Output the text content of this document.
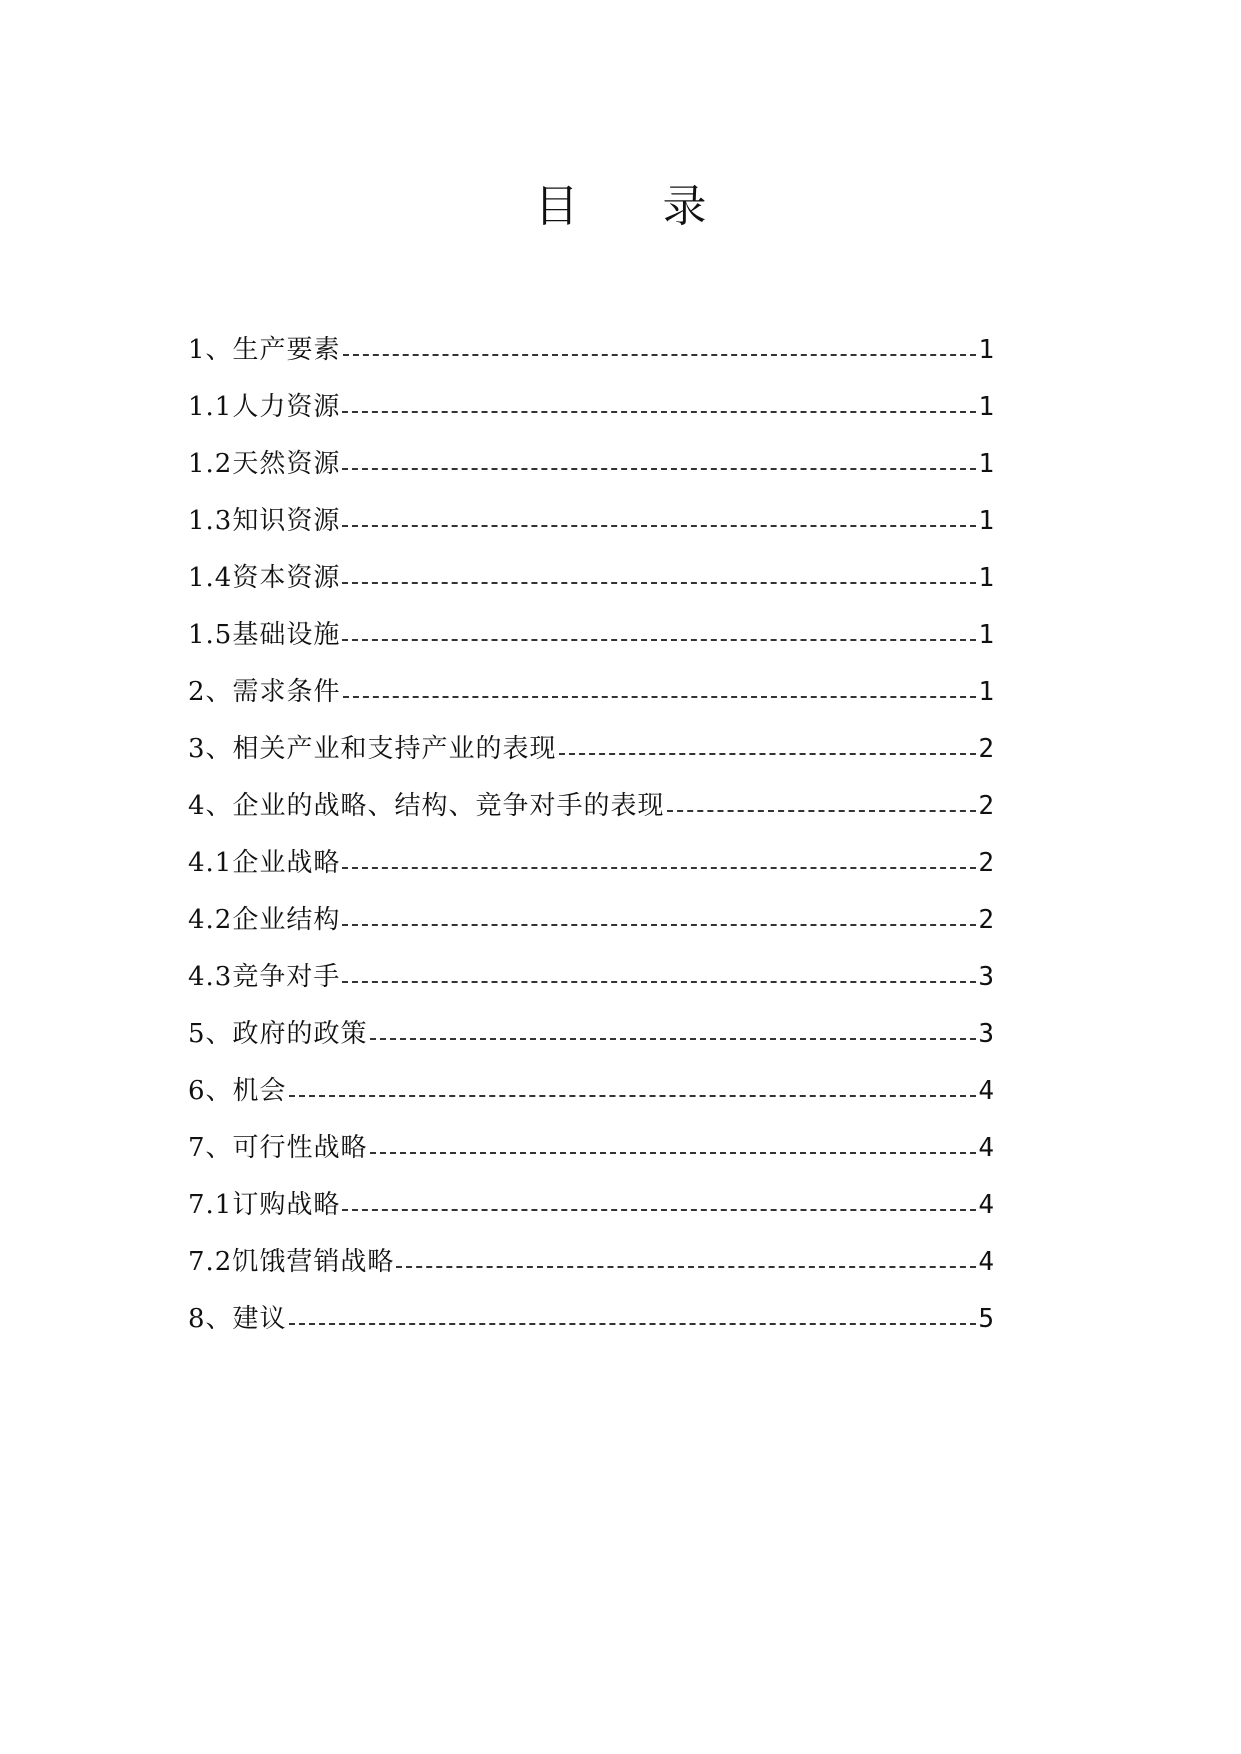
目 录
1、生产要素	1
1.1人力资源	1
1.2天然资源	1
1.3知识资源	1
1.4资本资源	1
1.5基础设施	1
2、需求条件	1
3、相关产业和支持产业的表现	2
4、企业的战略、结构、竞争对手的表现	2
4.1企业战略	2
4.2企业结构	2
4.3竞争对手	3
5、政府的政策	3
6、机会	4
7、可行性战略	4
7.1订购战略	4
7.2饥饿营销战略	4
8、建议	5
